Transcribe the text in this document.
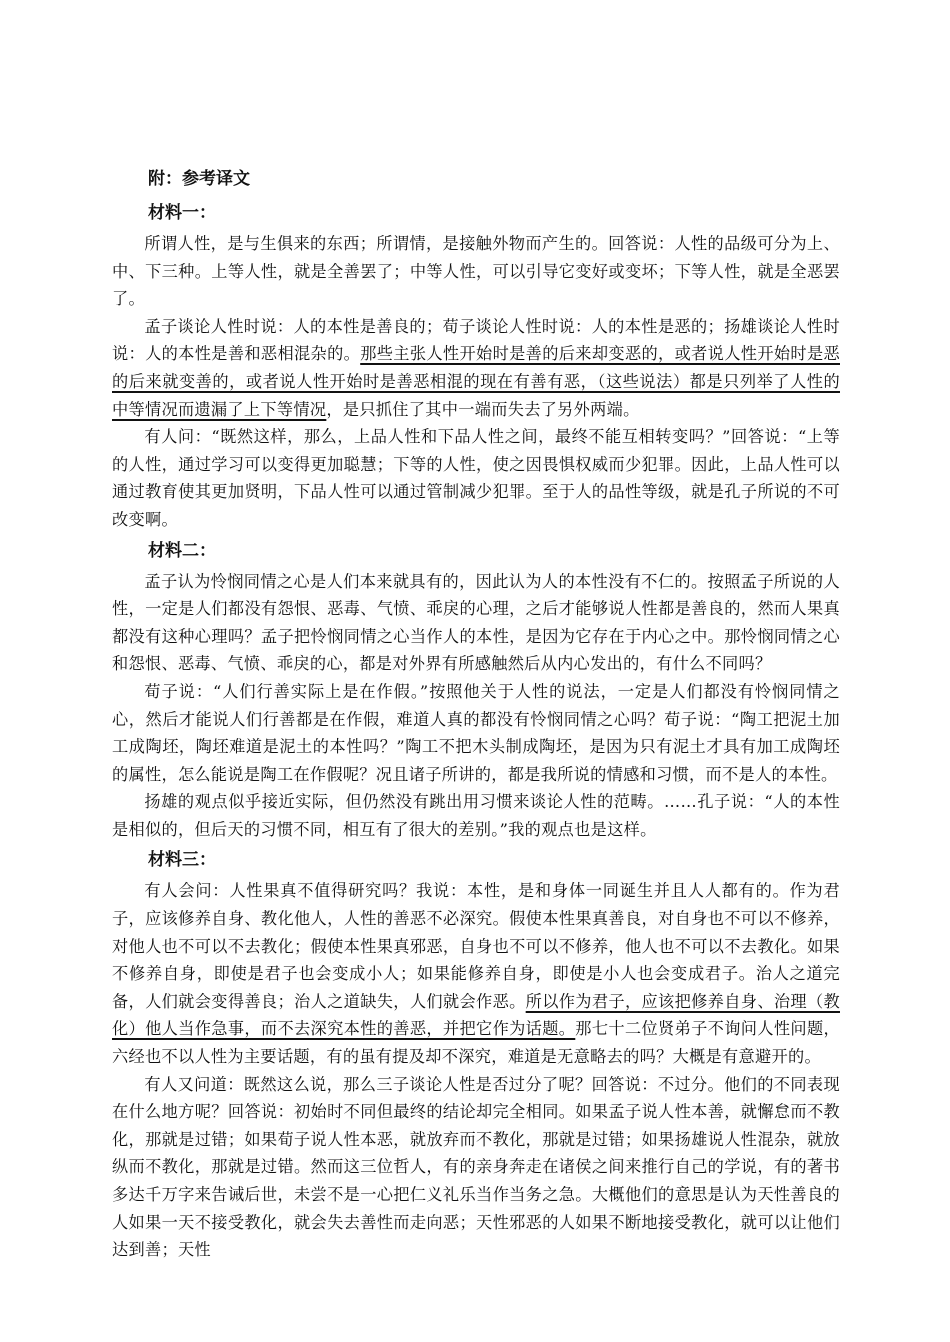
附：参考译文
材料一：

所谓人性，是与生俱来的东西；所谓情，是接触外物而产生的。回答说：人性的品级可分为上、中、下三种。上等人性，就是全善罢了；中等人性，可以引导它变好或变坏；下等人性，就是全恶罢了。

孟子谈论人性时说：人的本性是善良的；荀子谈论人性时说：人的本性是恶的；扬雄谈论人性时说：人的本性是善和恶相混杂的。那些主张人性开始时是善的后来却变恶的，或者说人性开始时是恶的后来就变善的，或者说人性开始时是善恶相混的现在有善有恶，（这些说法）都是只列举了人性的中等情况而遗漏了上下等情况，是只抓住了其中一端而失去了另外两端。

有人问：“既然这样，那么，上品人性和下品人性之间，最终不能互相转变吗？”回答说：“上等的人性，通过学习可以变得更加聪慧；下等的人性，使之因畏惧权威而少犯罪。因此，上品人性可以通过教育使其更加贤明，下品人性可以通过管制减少犯罪。至于人的品性等级，就是孔子所说的不可改变啊。

材料二：

孟子认为怜悯同情之心是人们本来就具有的，因此认为人的本性没有不仁的。按照孟子所说的人性，一定是人们都没有怨恨、恶毒、气愤、乖戾的心理，之后才能够说人性都是善良的，然而人果真都没有这种心理吗？孟子把怜悯同情之心当作人的本性，是因为它存在于内心之中。那怜悯同情之心和怨恨、恶毒、气愤、乖戾的心，都是对外界有所感触然后从内心发出的，有什么不同吗？

荀子说：“人们行善实际上是在作假。”按照他关于人性的说法，一定是人们都没有怜悯同情之心，然后才能说人们行善都是在作假，难道人真的都没有怜悯同情之心吗？荀子说：“陶工把泥土加工成陶坯，陶坯难道是泥土的本性吗？”陶工不把木头制成陶坯，是因为只有泥土才具有加工成陶坯的属性，怎么能说是陶工在作假呢？况且诸子所讲的，都是我所说的情感和习惯，而不是人的本性。

扬雄的观点似乎接近实际，但仍然没有跳出用习惯来谈论人性的范畴。……孔子说：“人的本性是相似的，但后天的习惯不同，相互有了很大的差别。”我的观点也是这样。

材料三：

有人会问：人性果真不值得研究吗？我说：本性，是和身体一同诞生并且人人都有的。作为君子，应该修养自身、教化他人，人性的善恶不必深究。假使本性果真善良，对自身也不可以不修养，对他人也不可以不去教化；假使本性果真邪恶，自身也不可以不修养，他人也不可以不去教化。如果不修养自身，即使是君子也会变成小人；如果能修养自身，即使是小人也会变成君子。治人之道完备，人们就会变得善良；治人之道缺失，人们就会作恶。所以作为君子，应该把修养自身、治理（教化）他人当作急事，而不去深究本性的善恶，并把它作为话题。那七十二位贤弟子不询问人性问题，六经也不以人性为主要话题，有的虽有提及却不深究，难道是无意略去的吗？大概是有意避开的。

有人又问道：既然这么说，那么三子谈论人性是否过分了呢？回答说：不过分。他们的不同表现在什么地方呢？回答说：初始时不同但最终的结论却完全相同。如果孟子说人性本善，就懈怠而不教化，那就是过错；如果荀子说人性本恶，就放弃而不教化，那就是过错；如果扬雄说人性混杂，就放纵而不教化，那就是过错。然而这三位哲人，有的亲身奔走在诸侯之间来推行自己的学说，有的著书多达千万字来告诫后世，未尝不是一心把仁义礼乐当作当务之急。大概他们的意思是认为天性善良的人如果一天不接受教化，就会失去善性而走向恶；天性邪恶的人如果不断地接受教化，就可以让他们达到善；天性
